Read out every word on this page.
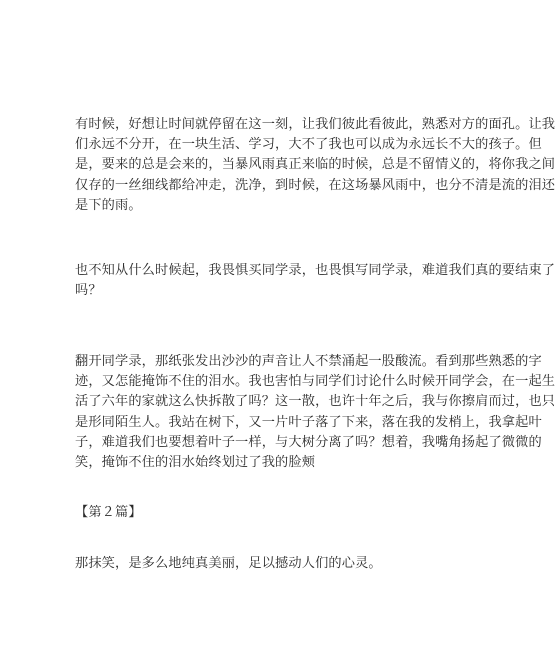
有时候，好想让时间就停留在这一刻，让我们彼此看彼此，熟悉对方的面孔。让我
们永远不分开，在一块生活、学习，大不了我也可以成为永远长不大的孩子。但
是，要来的总是会来的，当暴风雨真正来临的时候，总是不留情义的，将你我之间
仅存的一丝细线都给冲走，洗净，到时候，在这场暴风雨中，也分不清是流的泪还
是下的雨。

也不知从什么时候起，我畏惧买同学录，也畏惧写同学录，难道我们真的要结束了
吗？

翻开同学录，那纸张发出沙沙的声音让人不禁涌起一股酸流。看到那些熟悉的字
迹，又怎能掩饰不住的泪水。我也害怕与同学们讨论什么时候开同学会，在一起生
活了六年的家就这么快拆散了吗？这一散，也许十年之后，我与你擦肩而过，也只
是形同陌生人。我站在树下，又一片叶子落了下来，落在我的发梢上，我拿起叶
子，难道我们也要想着叶子一样，与大树分离了吗？想着，我嘴角扬起了微微的
笑，掩饰不住的泪水始终划过了我的脸颊

【第２篇】

那抹笑，是多么地纯真美丽，足以撼动人们的心灵。
